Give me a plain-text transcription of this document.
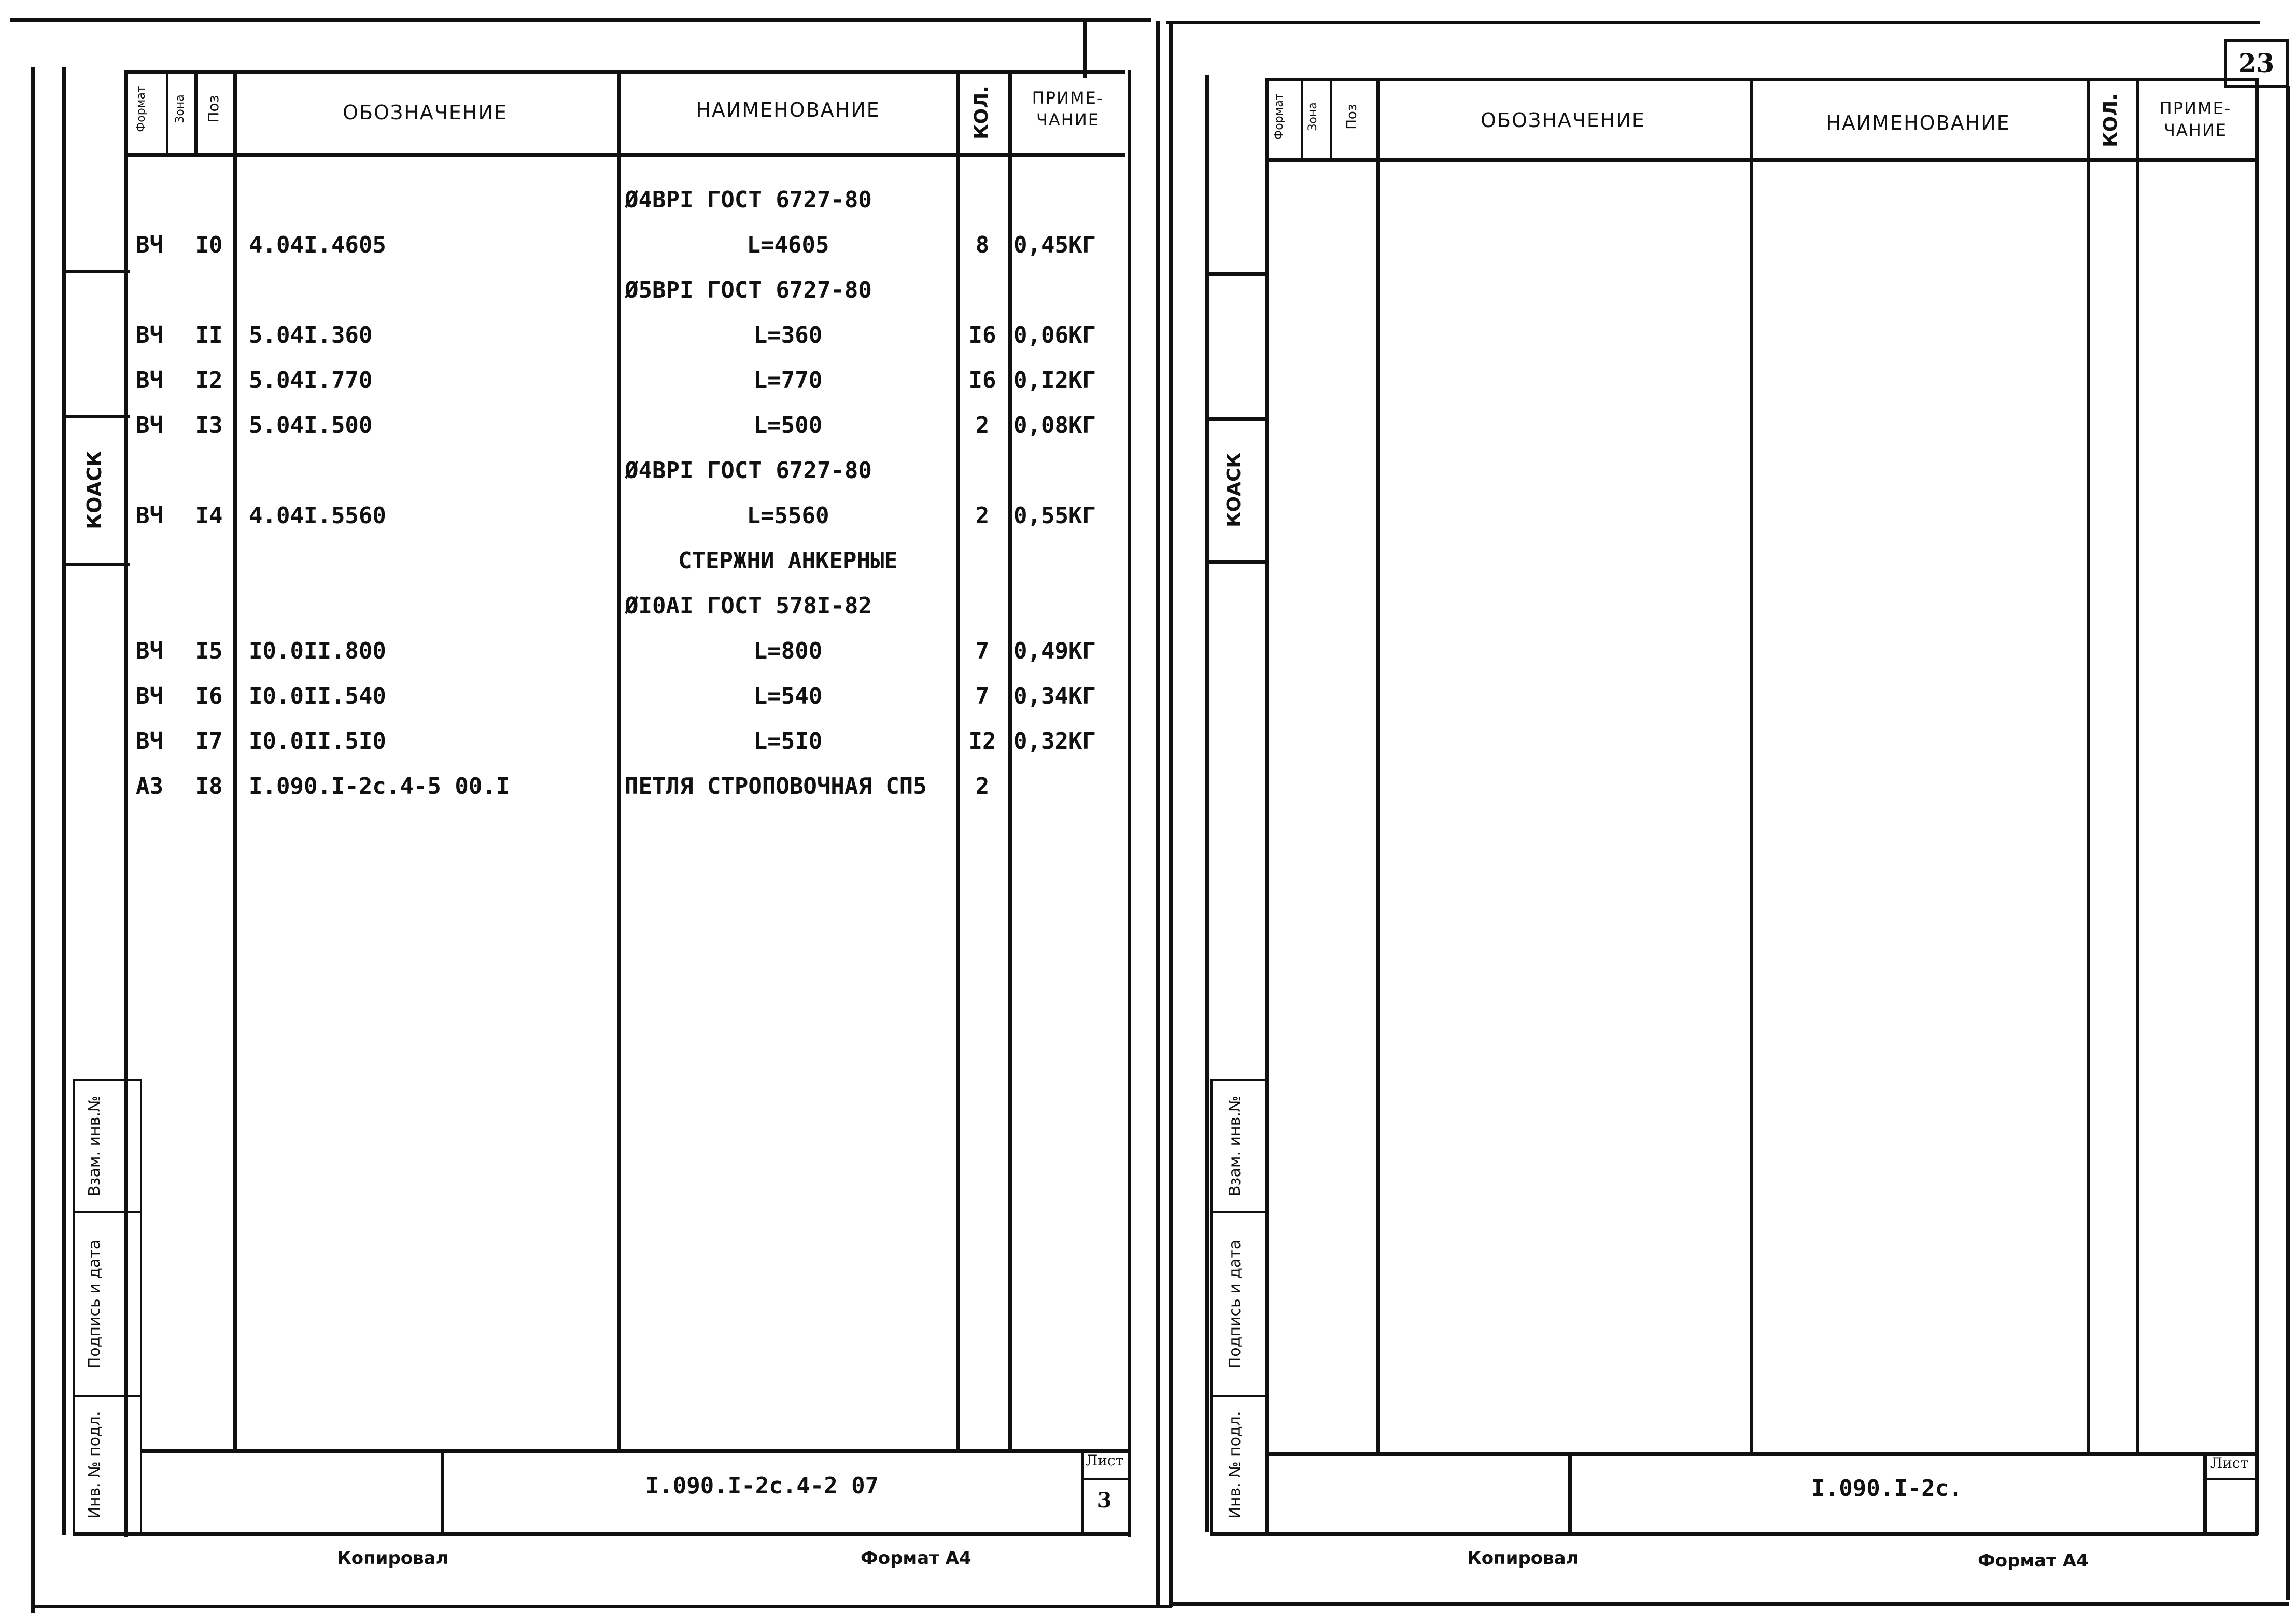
23
КОАСК
Формат	Зона	Поз	ОБОЗНАЧЕНИЕ	НАИМЕНОВАНИЕ	КОЛ.	ПРИМЕ-
ЧАНИЕ
Ø4ВРI ГОСТ 6727-80
ВЧ	I0 4.04I.4605	L=4605	8	0,45КГ
Ø5ВРI ГОСТ 6727-80
ВЧ	II 5.04I.360	L=360	I6 0,06КГ
ВЧ	I2 5.04I.770	L=770	I6 0,I2КГ
ВЧ	I3 5.04I.500	L=500	2	0,08КГ
Ø4ВРI ГОСТ 6727-80
ВЧ	I4 4.04I.5560	L=5560	2	0,55КГ
СТЕРЖНИ АНКЕРНЫЕ
ØI0АI ГОСТ 578I-82
ВЧ	I5 I0.0II.800	L=800	7	0,49КГ
ВЧ	I6 I0.0II.540	L=540	7	0,34КГ
ВЧ	I7 I0.0II.5I0	L=5I0	I2 0,32КГ
А3	I8 I.090.I-2с.4-5 00.I	ПЕТЛЯ СТРОПОВОЧНАЯ СП5	2
Взам. инв.№
Подпись и дата
Инв. № подл.	I.090.I-2с.4-2 07
Лист
3
Копировал	Формат А4
КОАСК
Формат	Зона	Поз	ОБОЗНАЧЕНИЕ	НАИМЕНОВАНИЕ	КОЛ.	ПРИМЕ-
ЧАНИЕ
Взам. инв.№
Подпись и дата
Инв. № подл.	I.090.I-2с.
Лист
Копировал	Формат А4
